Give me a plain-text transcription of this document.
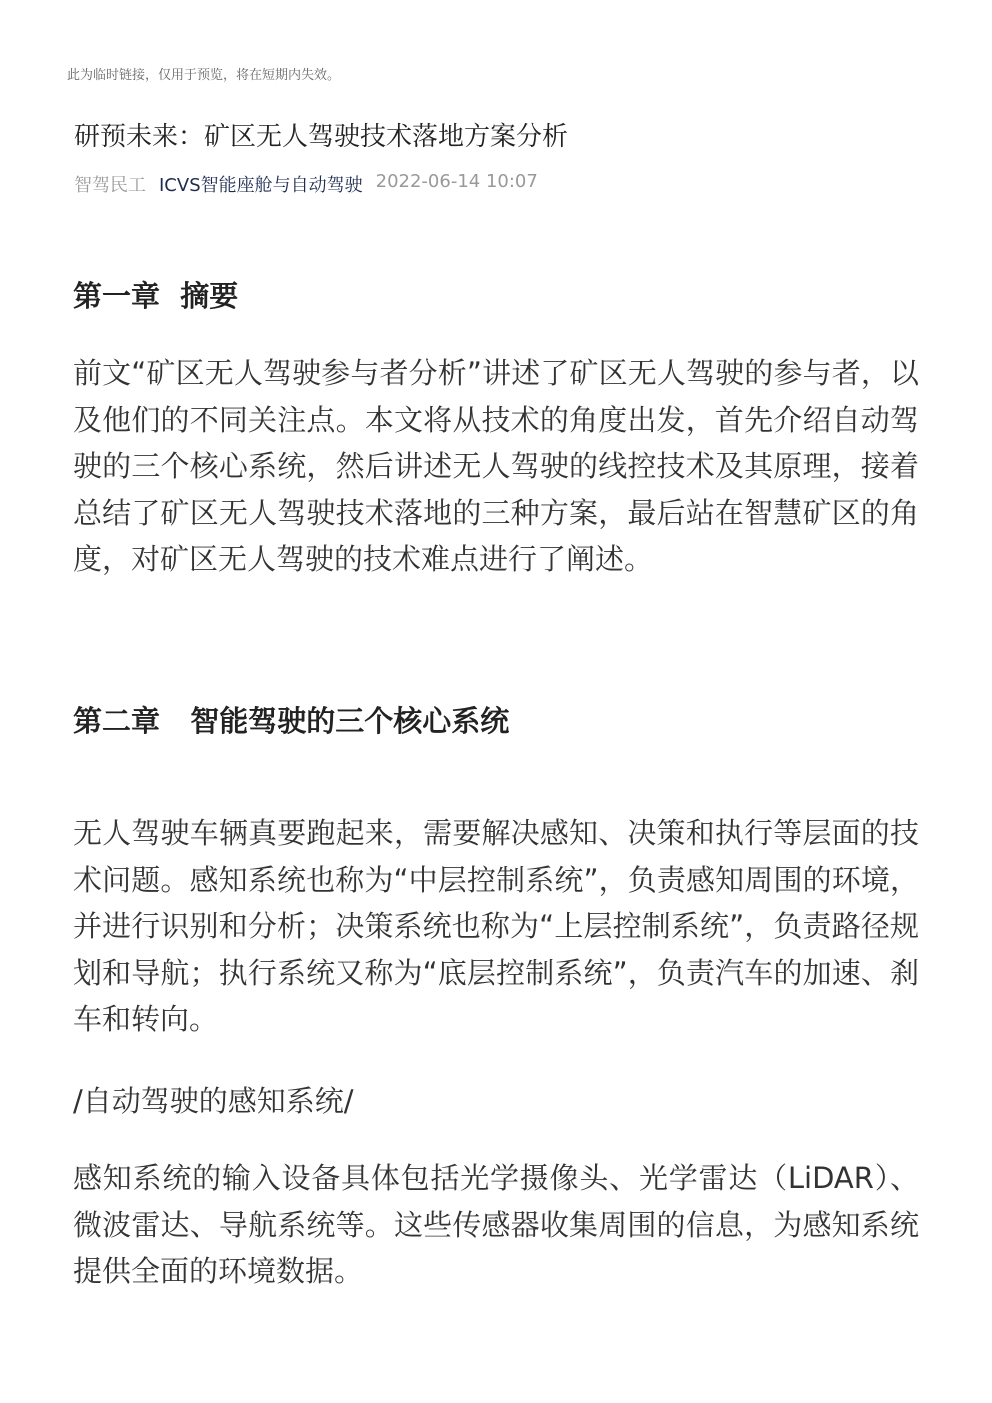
此为临时链接，仅用于预览，将在短期内失效。
研预未来：矿区无人驾驶技术落地方案分析
智驾民工 ICVS智能座舱与自动驾驶 2022-06-14 10:07
第一章  摘要

前文“矿区无人驾驶参与者分析”讲述了矿区无人驾驶的参与者，以及他们的不同关注点。本文将从技术的角度出发，首先介绍自动驾驶的三个核心系统，然后讲述无人驾驶的线控技术及其原理，接着总结了矿区无人驾驶技术落地的三种方案，最后站在智慧矿区的角度，对矿区无人驾驶的技术难点进行了阐述。

第二章   智能驾驶的三个核心系统

无人驾驶车辆真要跑起来，需要解决感知、决策和执行等层面的技术问题。感知系统也称为“中层控制系统”，负责感知周围的环境，并进行识别和分析；决策系统也称为“上层控制系统”，负责路径规划和导航；执行系统又称为“底层控制系统”，负责汽车的加速、刹车和转向。

/自动驾驶的感知系统/

感知系统的输入设备具体包括光学摄像头、光学雷达（LiDAR）、微波雷达、导航系统等。这些传感器收集周围的信息，为感知系统提供全面的环境数据。
